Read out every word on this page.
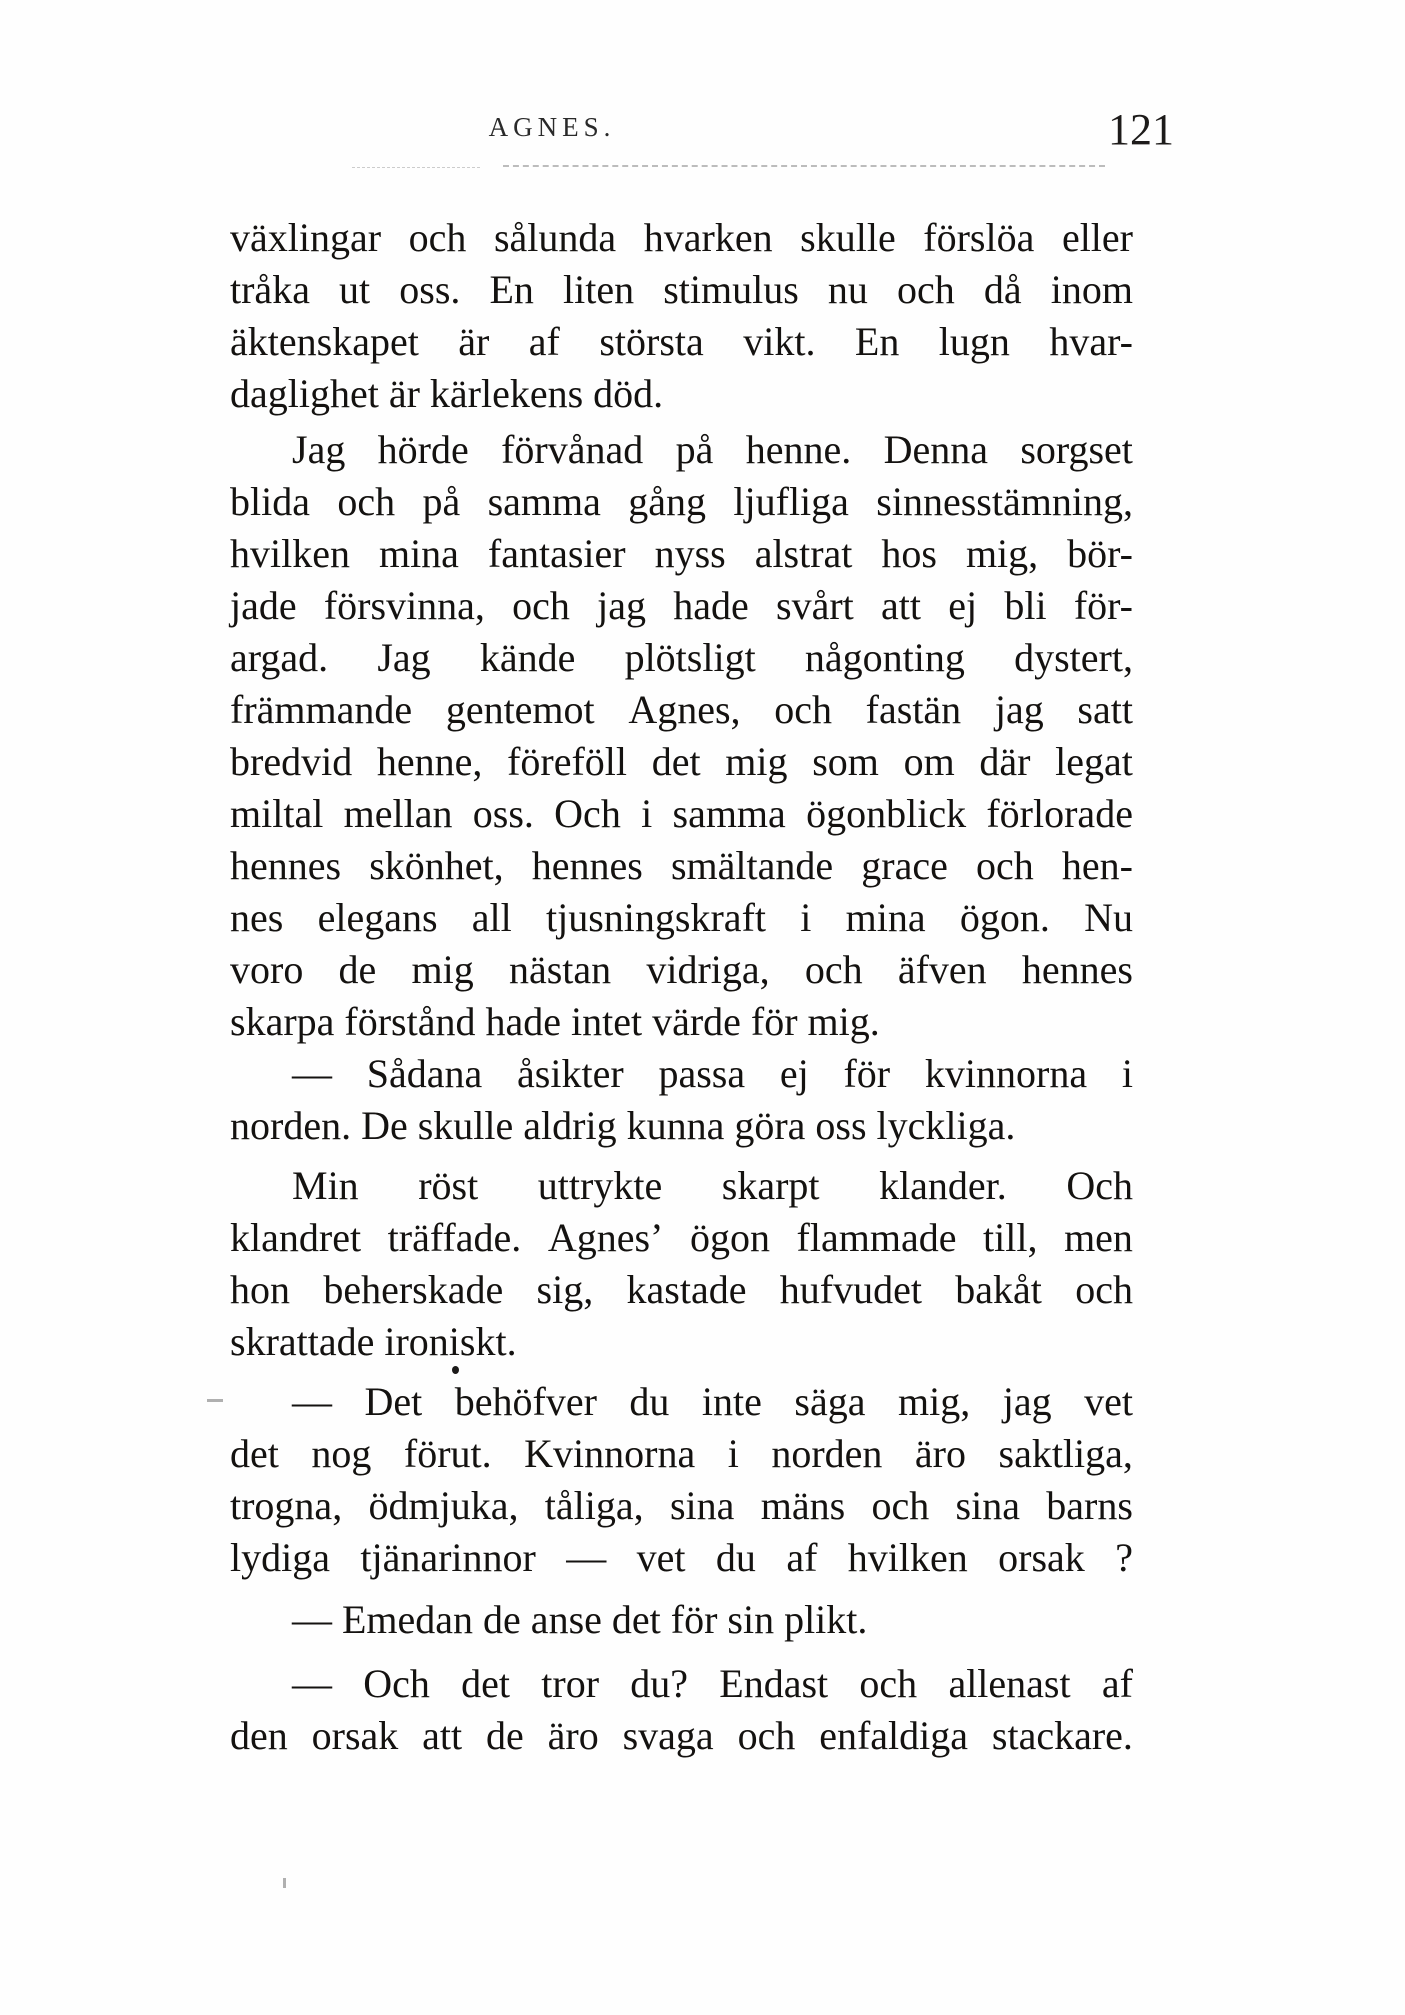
AGNES.	121
växlingar och sålunda hvarken skulle förslöa eller
tråka ut oss. En liten stimulus nu och då inom
äktenskapet är af största vikt. En lugn hvar-
daglighet är kärlekens död.
Jag hörde förvånad på henne. Denna sorgset
blida och på samma gång ljufliga sinnesstämning,
hvilken mina fantasier nyss alstrat hos mig, bör-
jade försvinna, och jag hade svårt att ej bli för-
argad. Jag kände plötsligt någonting dystert,
främmande gentemot Agnes, och fastän jag satt
bredvid henne, föreföll det mig som om där legat
miltal mellan oss. Och i samma ögonblick förlorade
hennes skönhet, hennes smältande grace och hen-
nes elegans all tjusningskraft i mina ögon. Nu
voro de mig nästan vidriga, och äfven hennes
skarpa förstånd hade intet värde för mig.
— Sådana åsikter passa ej för kvinnorna i
norden. De skulle aldrig kunna göra oss lyckliga.
Min röst uttrykte skarpt klander. Och
klandret träffade. Agnes’ ögon flammade till, men
hon beherskade sig, kastade hufvudet bakåt och
skrattade ironiskt.
— Det behöfver du inte säga mig, jag vet
det nog förut. Kvinnorna i norden äro saktliga,
trogna, ödmjuka, tåliga, sina mäns och sina barns
lydiga tjänarinnor — vet du af hvilken orsak ?
— Emedan de anse det för sin plikt.
— Och det tror du? Endast och allenast af
den orsak att de äro svaga och enfaldiga stackare.
